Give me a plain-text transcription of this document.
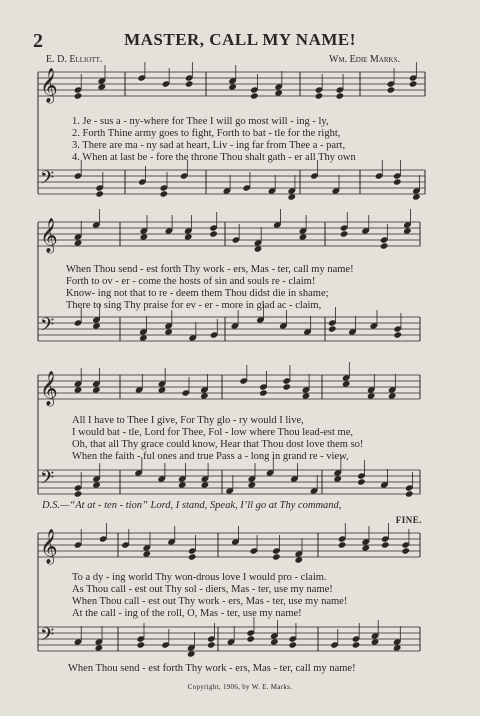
𝄞
𝄢
𝄞
𝄢
𝄞
𝄢
𝄞
𝄢
2	MASTER, CALL MY NAME!
E. D. Elliott.	Wm. Edie Marks.
1. Je - sus a - ny-where for Thee I will go most will - ing - ly,
2. Forth Thine army goes to fight, Forth to bat - tle for the right,
3. There are ma - ny sad at heart, Liv - ing far from Thee a - part,
4. When at last be - fore the throne Thou shalt gath - er all Thy own
When Thou send - est forth Thy work - ers, Mas - ter, call my name!
Forth to ov - er - come the hosts of sin and souls re - claim!
Know- ing not that to re - deem them Thou didst die in shame;
There to sing Thy praise for ev - er - more in glad ac - claim,
All I have to Thee I give, For Thy glo - ry would I live,
I would bat - tle, Lord for Thee, Fol - low where Thou lead-est me,
Oh, that all Thy grace could know, Hear that Thou dost love them so!
When the faith - ful ones and true Pass a - long in grand re - view,
D.S.—“At at - ten - tion” Lord, I stand, Speak, I’ll go at Thy command,
FINE.
To a dy - ing world Thy won-drous love I would pro - claim.
As Thou call - est out Thy sol - diers, Mas - ter, use my name!
When Thou call - est out Thy work - ers, Mas - ter, use my name!
At the call - ing of the roll, O, Mas - ter, use my name!
When Thou send - est forth Thy work - ers, Mas - ter, call my name!
Copyright, 1906, by W. E. Marks.
